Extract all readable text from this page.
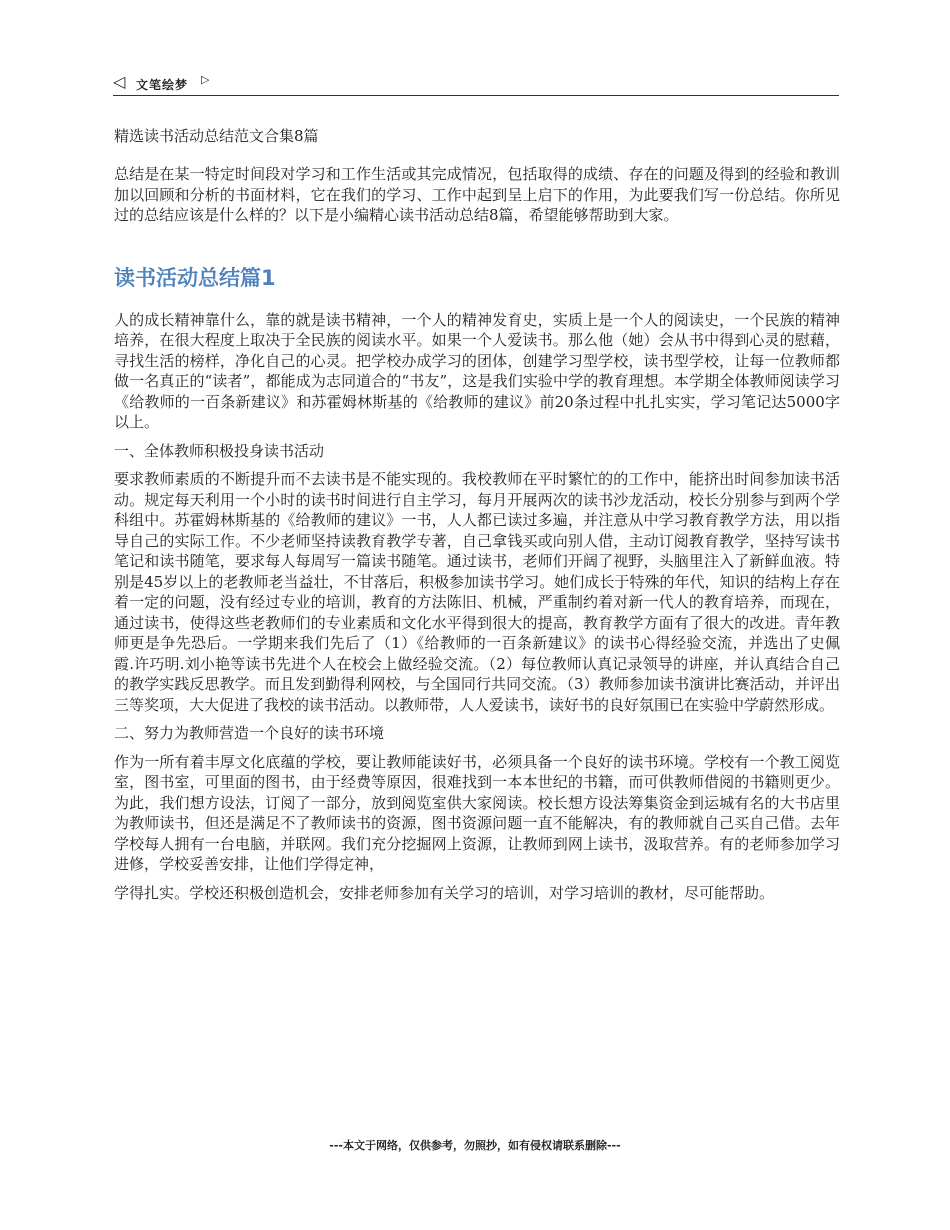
◁ 文笔绘梦 ▷
精选读书活动总结范文合集8篇

总结是在某一特定时间段对学习和工作生活或其完成情况，包括取得的成绩、存在的问题及得到的经验和教训加以回顾和分析的书面材料，它在我们的学习、工作中起到呈上启下的作用，为此要我们写一份总结。你所见过的总结应该是什么样的？以下是小编精心读书活动总结8篇，希望能够帮助到大家。

读书活动总结篇1

人的成长精神靠什么，靠的就是读书精神，一个人的精神发育史，实质上是一个人的阅读史，一个民族的精神培养，在很大程度上取决于全民族的阅读水平。如果一个人爱读书。那么他（她）会从书中得到心灵的慰藉，寻找生活的榜样，净化自己的心灵。把学校办成学习的团体，创建学习型学校，读书型学校，让每一位教师都做一名真正的“读者”，都能成为志同道合的“书友”，这是我们实验中学的教育理想。本学期全体教师阅读学习《给教师的一百条新建议》和苏霍姆林斯基的《给教师的建议》前20条过程中扎扎实实，学习笔记达5000字以上。

一、全体教师积极投身读书活动

要求教师素质的不断提升而不去读书是不能实现的。我校教师在平时繁忙的的工作中，能挤出时间参加读书活动。规定每天利用一个小时的读书时间进行自主学习，每月开展两次的读书沙龙活动，校长分别参与到两个学科组中。苏霍姆林斯基的《给教师的建议》一书，人人都已读过多遍，并注意从中学习教育教学方法，用以指导自己的实际工作。不少老师坚持读教育教学专著，自己拿钱买或向别人借，主动订阅教育教学，坚持写读书笔记和读书随笔，要求每人每周写一篇读书随笔。通过读书，老师们开阔了视野，头脑里注入了新鲜血液。特别是45岁以上的老教师老当益壮，不甘落后，积极参加读书学习。她们成长于特殊的年代，知识的结构上存在着一定的问题，没有经过专业的培训，教育的方法陈旧、机械，严重制约着对新一代人的教育培养，而现在，通过读书，使得这些老教师们的专业素质和文化水平得到很大的提高，教育教学方面有了很大的改进。青年教师更是争先恐后。一学期来我们先后了（1）《给教师的一百条新建议》的读书心得经验交流，并选出了史佩霞.许巧明.刘小艳等读书先进个人在校会上做经验交流。（2）每位教师认真记录领导的讲座，并认真结合自己的教学实践反思教学。而且发到勤得利网校，与全国同行共同交流。（3）教师参加读书演讲比赛活动，并评出三等奖项，大大促进了我校的读书活动。以教师带，人人爱读书，读好书的良好氛围已在实验中学蔚然形成。

二、努力为教师营造一个良好的读书环境

作为一所有着丰厚文化底蕴的学校，要让教师能读好书，必须具备一个良好的读书环境。学校有一个教工阅览室，图书室，可里面的图书，由于经费等原因，很难找到一本本世纪的书籍，而可供教师借阅的书籍则更少。为此，我们想方设法，订阅了一部分，放到阅览室供大家阅读。校长想方设法筹集资金到运城有名的大书店里为教师读书，但还是满足不了教师读书的资源，图书资源问题一直不能解决，有的教师就自己买自己借。去年学校每人拥有一台电脑，并联网。我们充分挖掘网上资源，让教师到网上读书，汲取营养。有的老师参加学习进修，学校妥善安排，让他们学得定神，

学得扎实。学校还积极创造机会，安排老师参加有关学习的培训，对学习培训的教材，尽可能帮助。

---本文于网络，仅供参考，勿照抄，如有侵权请联系删除---
